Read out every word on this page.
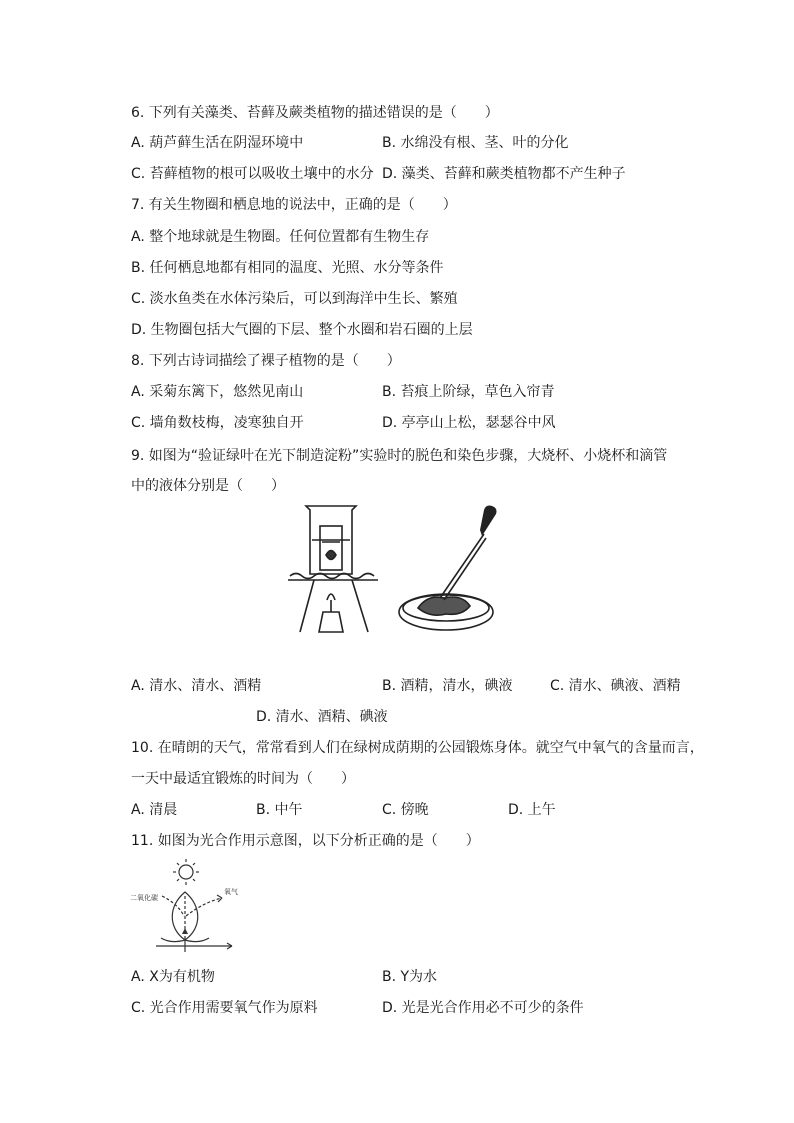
6. 下列有关藻类、苔藓及蕨类植物的描述错误的是（　　）
A. 葫芦藓生活在阴湿环境中	B. 水绵没有根、茎、叶的分化
C. 苔藓植物的根可以吸收土壤中的水分 D. 藻类、苔藓和蕨类植物都不产生种子
7. 有关生物圈和栖息地的说法中，正确的是（　　）
A. 整个地球就是生物圈。任何位置都有生物生存
B. 任何栖息地都有相同的温度、光照、水分等条件
C. 淡水鱼类在水体污染后，可以到海洋中生长、繁殖
D. 生物圈包括大气圈的下层、整个水圈和岩石圈的上层
8. 下列古诗词描绘了裸子植物的是（　　）
A. 采菊东篱下，悠然见南山	B. 苔痕上阶绿，草色入帘青
C. 墙角数枝梅，凌寒独自开	D. 亭亭山上松，瑟瑟谷中风
9. 如图为“验证绿叶在光下制造淀粉”实验时的脱色和染色步骤，大烧杯、小烧杯和滴管
中的液体分别是（　　）
A. 清水、清水、酒精	B. 酒精，清水，碘液	C. 清水、碘液、酒精
D. 清水、酒精、碘液
10. 在晴朗的天气，常常看到人们在绿树成荫期的公园锻炼身体。就空气中氧气的含量而言，
一天中最适宜锻炼的时间为（　　）
A. 清晨	B. 中午	C. 傍晚	D. 上午
11. 如图为光合作用示意图，以下分析正确的是（　　）
二氧化碳
氧气
A. X为有机物	B. Y为水
C. 光合作用需要氧气作为原料	D. 光是光合作用必不可少的条件
